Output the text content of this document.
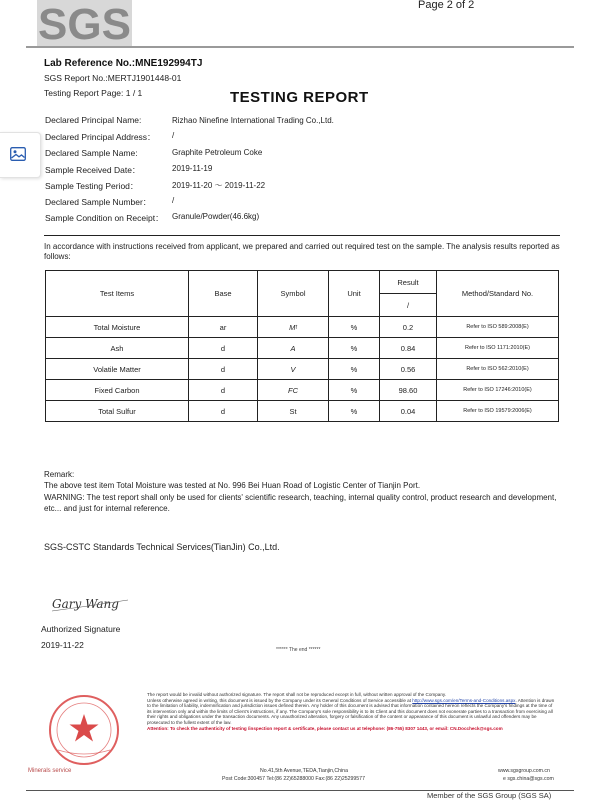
SGS	Page 2 of 2
Lab Reference No.:MNE192994TJ
SGS Report No.:MERTJ1901448-01
Testing Report Page: 1 / 1	TESTING REPORT
Declared Principal Name:	Rizhao Ninefine International Trading Co.,Ltd.
Declared Principal Address： /
Declared Sample Name:	Graphite Petroleum Coke
Sample Received Date：	2019-11-19
Sample Testing Period：	2019-11-20 ～ 2019-11-22
Declared Sample Number：	/
Sample Condition on Receipt： Granule/Powder(46.6kg)
In accordance with instructions received from applicant, we prepared and carried out required test on the sample. The analysis results reported as follows:
Test Items	Base	Symbol	Unit	Result	Method/Standard No.
				/	
Total Moisture	ar	Mᵗ	%	0.2	Refer to ISO 589:2008(E)
Ash	d	A	%	0.84	Refer to ISO 1171:2010(E)
Volatile Matter	d	V	%	0.56	Refer to ISO 562:2010(E)
Fixed Carbon	d	FC	%	98.60	Refer to ISO 17246:2010(E)
Total Sulfur	d	St	%	0.04	Refer to ISO 19579:2006(E)
Remark:
The above test item Total Moisture was tested at No. 996 Bei Huan Road of Logistic Center of Tianjin Port.
WARNING: The test report shall only be used for clients' scientific research, teaching, internal quality control, product research and development, etc... and just for internal reference.
SGS-CSTC Standards Technical Services(TianJin) Co.,Ltd.
Gary Wang
Authorized Signature
2019-11-22	****** The end ******
The report would be invalid without authorized signature. The report shall not be reproduced except in full, without written approval of the Company.
Unless otherwise agreed in writing, this document is issued by the Company under its General Conditions of Service accessible at http://www.sgs.com/en/Terms-and-Conditions.aspx. Attention is drawn to the limitation of liability, indemnification and jurisdiction issues defined therein. Any holder of this document is advised that information contained hereon reflects the Company's findings at the time of its intervention only and within the limits of Client's instructions, if any. The Company's sole responsibility is to its Client and this document does not exonerate parties to a transaction from exercising all their rights and obligations under the transaction documents. Any unauthorized alteration, forgery or falsification of the content or appearance of this document is unlawful and offenders may be prosecuted to the fullest extent of the law.
Attention: To check the authenticity of testing /inspection report & certificate, please contact us at telephone: (86-755) 8307 1443, or email: CN.Doccheck@sgs.com
No.41,5th Avenue,TEDA,Tianjin,China	www.sgsgroup.com.cn
Post Code:300457 Tel:(86 22)65288000 Fax:(86 22)25299577	e sgs.china@sgs.com
Minerals service
Member of the SGS Group (SGS SA)
